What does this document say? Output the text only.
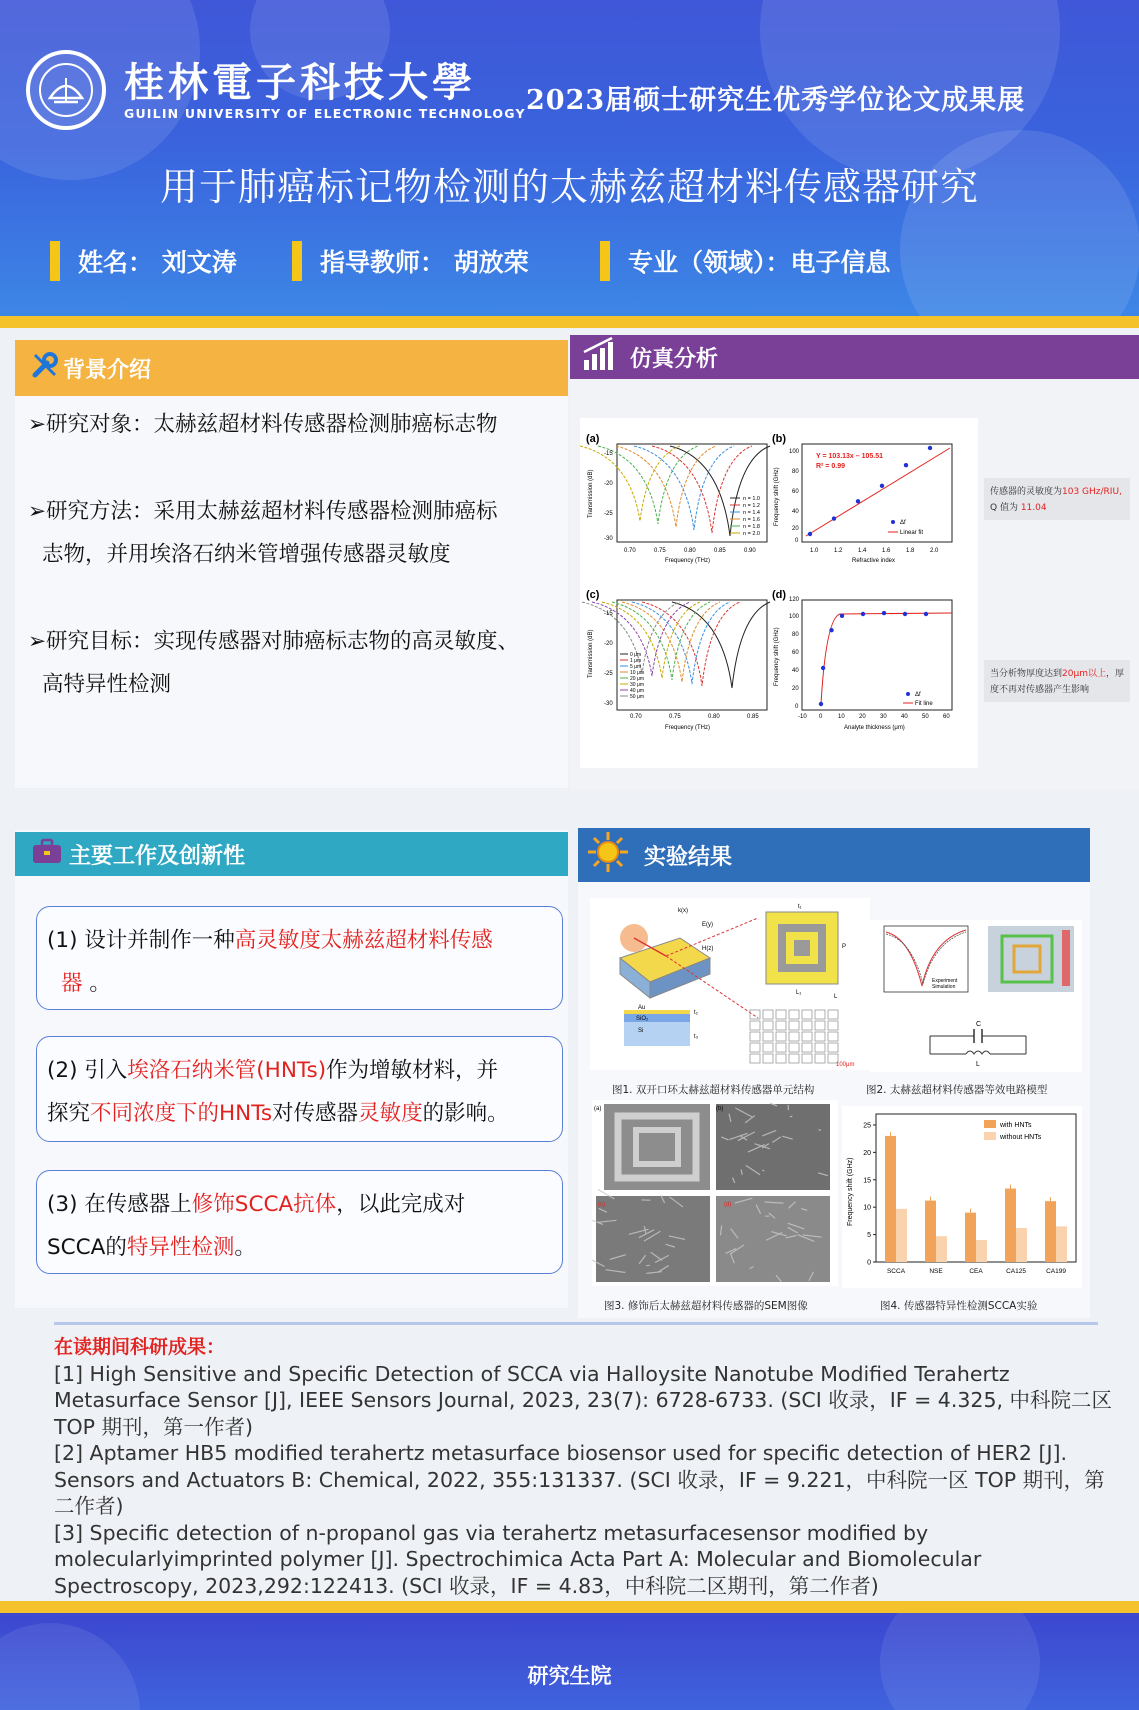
桂林電子科技大學
GUILIN UNIVERSITY OF ELECTRONIC TECHNOLOGY 2023届硕士研究生优秀学位论文成果展
用于肺癌标记物检测的太赫兹超材料传感器研究
姓名： 刘文涛	指导教师： 胡放荣	专业（领域）：电子信息
背景介绍
➢研究对象：太赫兹超材料传感器检测肺癌标志物
➢研究方法：采用太赫兹超材料传感器检测肺癌标
志物，并用埃洛石纳米管增强传感器灵敏度
➢研究目标：实现传感器对肺癌标志物的高灵敏度、
高特异性检测
仿真分析
(a)
0.70	0.75	0.80	0.85	0.90
-15
-20
-25
-30
Frequency (THz)
Transmission (dB)	n = 1.0
n = 1.2
n = 1.4
n = 1.6
n = 1.8
n = 2.0
(b)
1.0	1.2	1.4	1.6	1.8	2.0
100
80
60
40
20
0
Refractive index
Frequency shift (GHz)
Y = 103.13x – 105.51
R² = 0.99
Δf
Linear fit
(c)
0.70	0.75	0.80	0.85
-15
-20
-25
-30
Frequency (THz)
Transmission (dB)	0 μm
1 μm
5 μm
10 μm
20 μm
30 μm
40 μm
50 μm
(d)
-10 0	10 20 30 40 50 60
120
100
80
60
40
20
0
Analyte thickness (μm)
Frequency shift (GHz)
Δf
Fit line
传感器的灵敏度为103 GHz/RIU,
Q 值为 11.04
当分析物厚度达到20μm以上，厚度不再对传感器产生影响
主要工作及创新性
(1) 设计并制作一种高灵敏度太赫兹超材料传感
器 。
(2) 引入埃洛石纳米管(HNTs)作为增敏材料，并
探究不同浓度下的HNTs对传感器灵敏度的影响。
(3) 在传感器上修饰SCCA抗体，以此完成对
SCCA的特异性检测。
实验结果
k(x)
E(y)
H(z)
t₁
P
L₁
L
Au
SiO₂
Si
t₂
t₃
100μm
图1. 双开口环太赫兹超材料传感器单元结构
Experiment
Simulation
C
L
图2. 太赫兹超材料传感器等效电路模型
(a)	(b)
(c)	(d)
图3. 修饰后太赫兹超材料传感器的SEM图像
Frequency shift (GHz)
0
5
10
15
20
25
SCCA	NSE	CEA	CA125	CA199
with HNTs
without HNTs
图4. 传感器特异性检测SCCA实验
在读期间科研成果：
[1] High Sensitive and Specific Detection of SCCA via Halloysite Nanotube Modified Terahertz Metasurface Sensor [J], IEEE Sensors Journal, 2023, 23(7): 6728-6733. (SCI 收录，IF = 4.325, 中科院二区 TOP 期刊，第一作者)
[2] Aptamer HB5 modified terahertz metasurface biosensor used for specific detection of HER2 [J]. Sensors and Actuators B: Chemical, 2022, 355:131337. (SCI 收录，IF = 9.221，中科院一区 TOP 期刊，第二作者)
[3] Specific detection of n-propanol gas via terahertz metasurfacesensor modified by molecularlyimprinted polymer [J]. Spectrochimica Acta Part A: Molecular and Biomolecular Spectroscopy, 2023,292:122413. (SCI 收录，IF = 4.83，中科院二区期刊，第二作者)
研究生院
